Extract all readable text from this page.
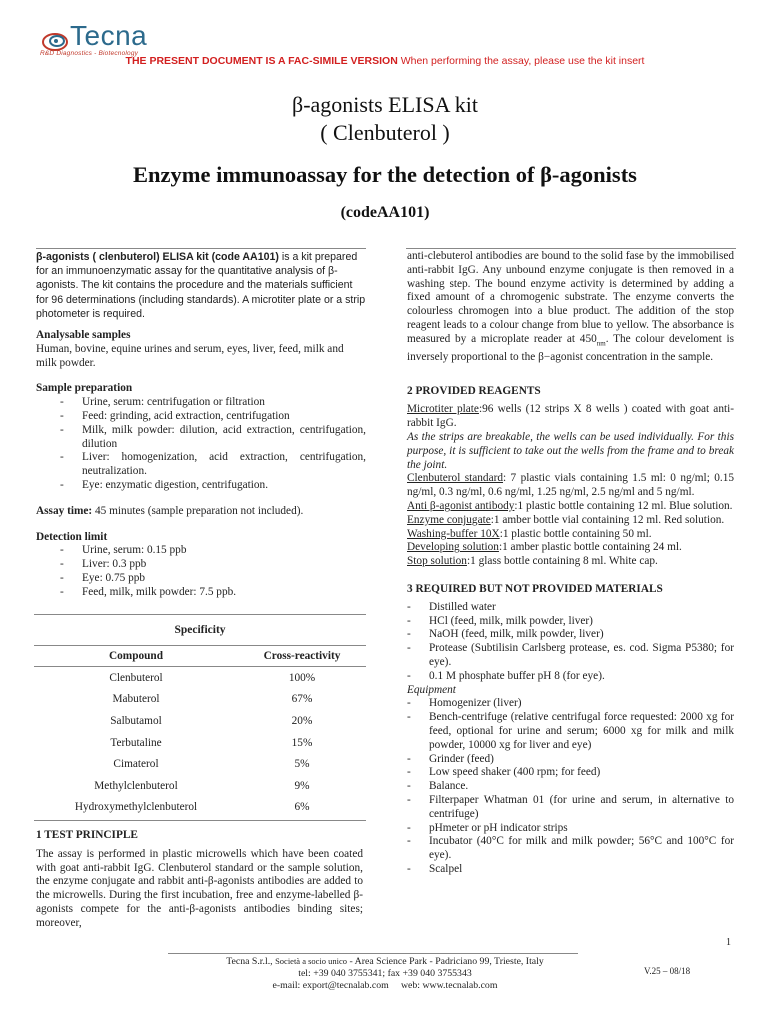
Tecna
R&D Diagnostics - Biotecnology
THE PRESENT DOCUMENT IS A FAC-SIMILE VERSION When performing the assay, please use the kit insert
β-agonists ELISA kit
( Clenbuterol )
Enzyme immunoassay for the detection of β-agonists
(codeAA101)

β-agonists ( clenbuterol) ELISA kit (code AA101) is a kit prepared for an immunoenzymatic assay for the quantitative analysis of β-agonists. The kit contains the procedure and the materials sufficient for 96 determinations (including standards). A microtiter plate or a strip photometer is required.

Analysable samples

Human, bovine, equine urines and serum, eyes, liver, feed, milk and milk powder.

Sample preparation

- Urine, serum: centrifugation or filtration
- Feed: grinding, acid extraction, centrifugation
- Milk, milk powder: dilution, acid extraction, centrifugation, dilution
- Liver: homogenization, acid extraction, centrifugation, neutralization.
- Eye: enzymatic digestion, centrifugation.

Assay time: 45 minutes (sample preparation not included).

Detection limit

- Urine, serum: 0.15 ppb
- Liver: 0.3 ppb
- Eye: 0.75 ppb
- Feed, milk, milk powder: 7.5 ppb.
Specificity
Compound	Cross-reactivity
Clenbuterol	100%
Mabuterol	67%
Salbutamol	20%
Terbutaline	15%
Cimaterol	5%
Methylclenbuterol	9%
Hydroxymethylclenbuterol	6%

1 TEST PRINCIPLE

The assay is performed in plastic microwells which have been coated with goat anti-rabbit IgG. Clenbuterol standard or the sample solution, the enzyme conjugate and rabbit anti-β-agonists antibodies are added to the microwells. During the first incubation, free and enzyme-labelled β-agonists compete for the anti-β-agonists antibodies binding sites; moreover,

anti-clebuterol antibodies are bound to the solid fase by the immobilised anti-rabbit IgG. Any unbound enzyme conjugate is then removed in a washing step. The bound enzyme activity is determined by adding a fixed amount of a chromogenic substrate. The enzyme converts the colourless chromogen into a blue product. The addition of the stop reagent leads to a colour change from blue to yellow. The absorbance is measured by a microplate reader at $450_{nm}$. The colour develoment is inversely proportional to the β−agonist concentration in the sample.

2 PROVIDED REAGENTS

Microtiter plate:96 wells (12 strips X 8 wells ) coated with goat anti-rabbit IgG.

As the strips are breakable, the wells can be used individually. For this purpose, it is sufficient to take out the wells from the frame and to break the joint.

Clenbuterol standard: 7 plastic vials containing 1.5 ml: 0 ng/ml; 0.15 ng/ml, 0.3 ng/ml, 0.6 ng/ml, 1.25 ng/ml, 2.5 ng/ml and 5 ng/ml.

Anti β-agonist antibody:1 plastic bottle containing 12 ml. Blue solution.

Enzyme conjugate:1 amber bottle vial containing 12 ml. Red solution.

Washing-buffer 10X:1 plastic bottle containing 50 ml.

Developing solution:1 amber plastic bottle containing 24 ml.

Stop solution:1 glass bottle containing 8 ml. White cap.

3 REQUIRED BUT NOT PROVIDED MATERIALS

- Distilled water
- HCl (feed, milk, milk powder, liver)
- NaOH (feed, milk, milk powder, liver)
- Protease (Subtilisin Carlsberg protease, es. cod. Sigma P5380; for eye).
- 0.1 M phosphate buffer pH 8 (for eye).

Equipment

- Homogenizer (liver)
- Bench-centrifuge (relative centrifugal force requested: 2000 xg for feed, optional for urine and serum; 6000 xg for milk and milk powder, 10000 xg for liver and eye)
- Grinder (feed)
- Low speed shaker (400 rpm; for feed)
- Balance.
- Filterpaper Whatman 01 (for urine and serum, in alternative to centrifuge)
- pHmeter or pH indicator strips
- Incubator (40°C for milk and milk powder; 56°C and 100°C for eye).
- Scalpel
1
Tecna S.r.l., Società a socio unico - Area Science Park - Padriciano 99, Trieste, Italy
tel: +39 040 3755341; fax +39 040 3755343
e-mail: export@tecnalab.com     web: www.tecnalab.com
V.25 – 08/18
